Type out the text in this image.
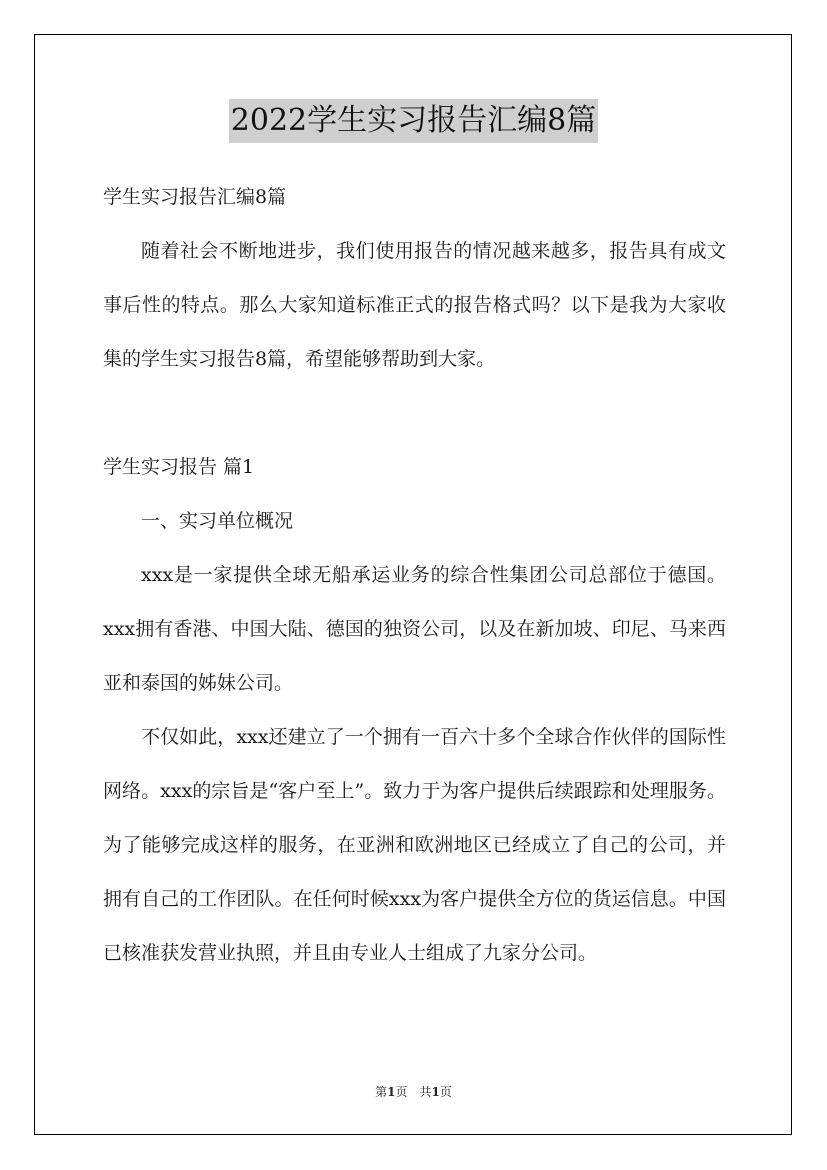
2022学生实习报告汇编8篇

学生实习报告汇编8篇

随着社会不断地进步，我们使用报告的情况越来越多，报告具有成文事后性的特点。那么大家知道标准正式的报告格式吗？以下是我为大家收集的学生实习报告8篇，希望能够帮助到大家。

学生实习报告 篇1

一、实习单位概况

xxx是一家提供全球无船承运业务的综合性集团公司总部位于德国。xxx拥有香港、中国大陆、德国的独资公司，以及在新加坡、印尼、马来西亚和泰国的姊妹公司。

不仅如此，xxx还建立了一个拥有一百六十多个全球合作伙伴的国际性网络。xxx的宗旨是“客户至上”。致力于为客户提供后续跟踪和处理服务。为了能够完成这样的服务，在亚洲和欧洲地区已经成立了自己的公司，并拥有自己的工作团队。在任何时候xxx为客户提供全方位的货运信息。中国已核准获发营业执照，并且由专业人士组成了九家分公司。

第1页　共1页
